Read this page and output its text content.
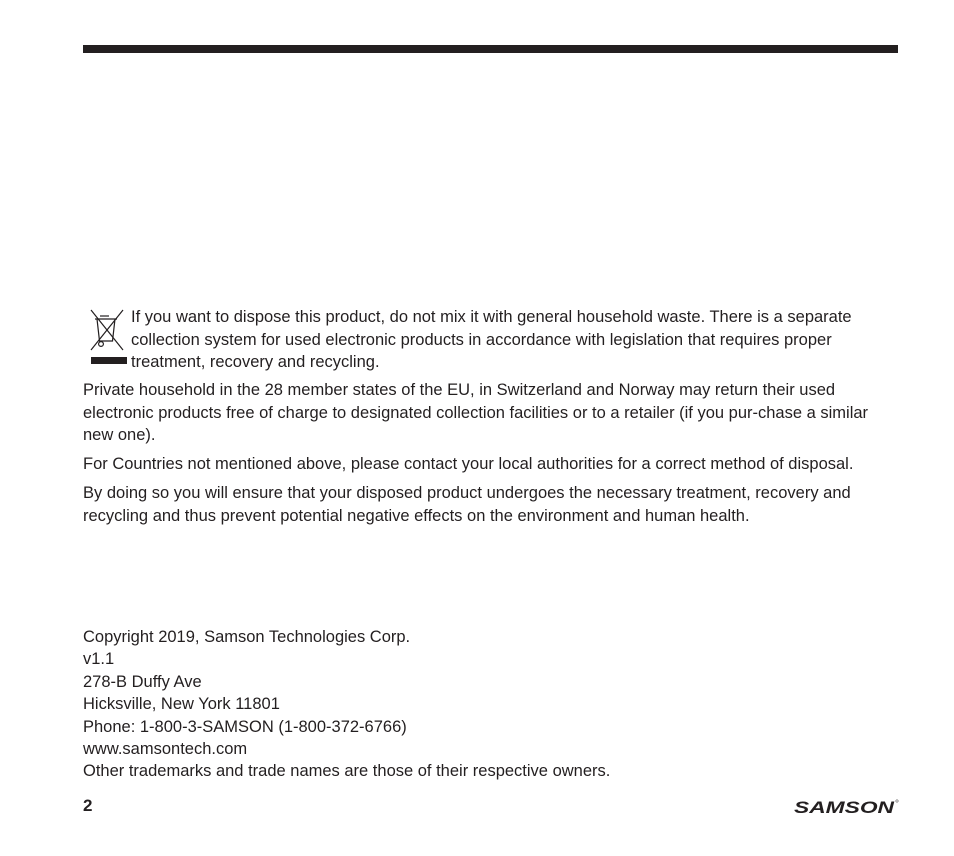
If you want to dispose this product, do not mix it with general household waste. There is a separate collection system for used electronic products in accordance with legislation that requires proper treatment, recovery and recycling.

Private household in the 28 member states of the EU, in Switzerland and Norway may return their used electronic products free of charge to designated collection facilities or to a retailer (if you pur-chase a similar new one).

For Countries not mentioned above, please contact your local authorities for a correct method of disposal.

By doing so you will ensure that your disposed product undergoes the necessary treatment, recovery and recycling and thus prevent potential negative effects on the environment and human health.

Copyright 2019, Samson Technologies Corp.
v1.1
278-B Duffy Ave
Hicksville, New York 11801
Phone: 1-800-3-SAMSON (1-800-372-6766)
www.samsontech.com
Other trademarks and trade names are those of their respective owners.
2	SAMSON
